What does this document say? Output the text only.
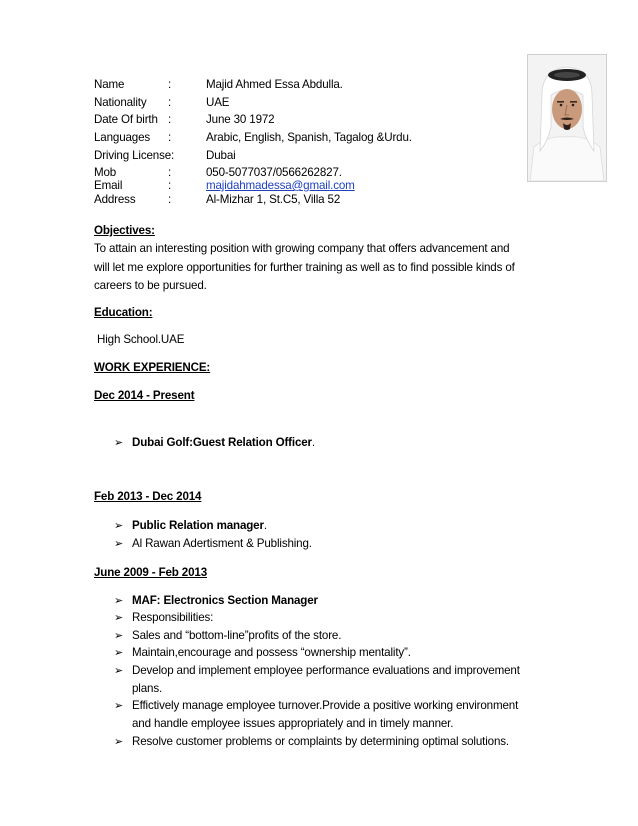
Name	:	Majid Ahmed Essa Abdulla.
Nationality :	UAE
Date Of birth :	June 30 1972
Languages :	Arabic, English, Spanish, Tagalog &Urdu.
Driving License:	Dubai
Mob	:	050-5077037/0566262827.
Email	:	majidahmadessa@gmail.com
Address	:	Al-Mizhar 1, St.C5, Villa 52
Objectives:
To attain an interesting position with growing company that offers advancement and
will let me explore opportunities for further training as well as to find possible kinds of
careers to be pursued.
Education:
High School.UAE
WORK EXPERIENCE:
Dec 2014 - Present
➢ Dubai Golf:Guest Relation Officer.
Feb 2013 - Dec 2014
➢ Public Relation manager.
➢ Al Rawan Adertisment & Publishing.
June 2009 - Feb 2013
➢ MAF: Electronics Section Manager
➢ Responsibilities:
➢ Sales and “bottom-line”profits of the store.
➢ Maintain,encourage and possess “ownership mentality”.
➢ Develop and implement employee performance evaluations and improvement
plans.
➢ Effictively manage employee turnover.Provide a positive working environment
and handle employee issues appropriately and in timely manner.
➢ Resolve customer problems or complaints by determining optimal solutions.
